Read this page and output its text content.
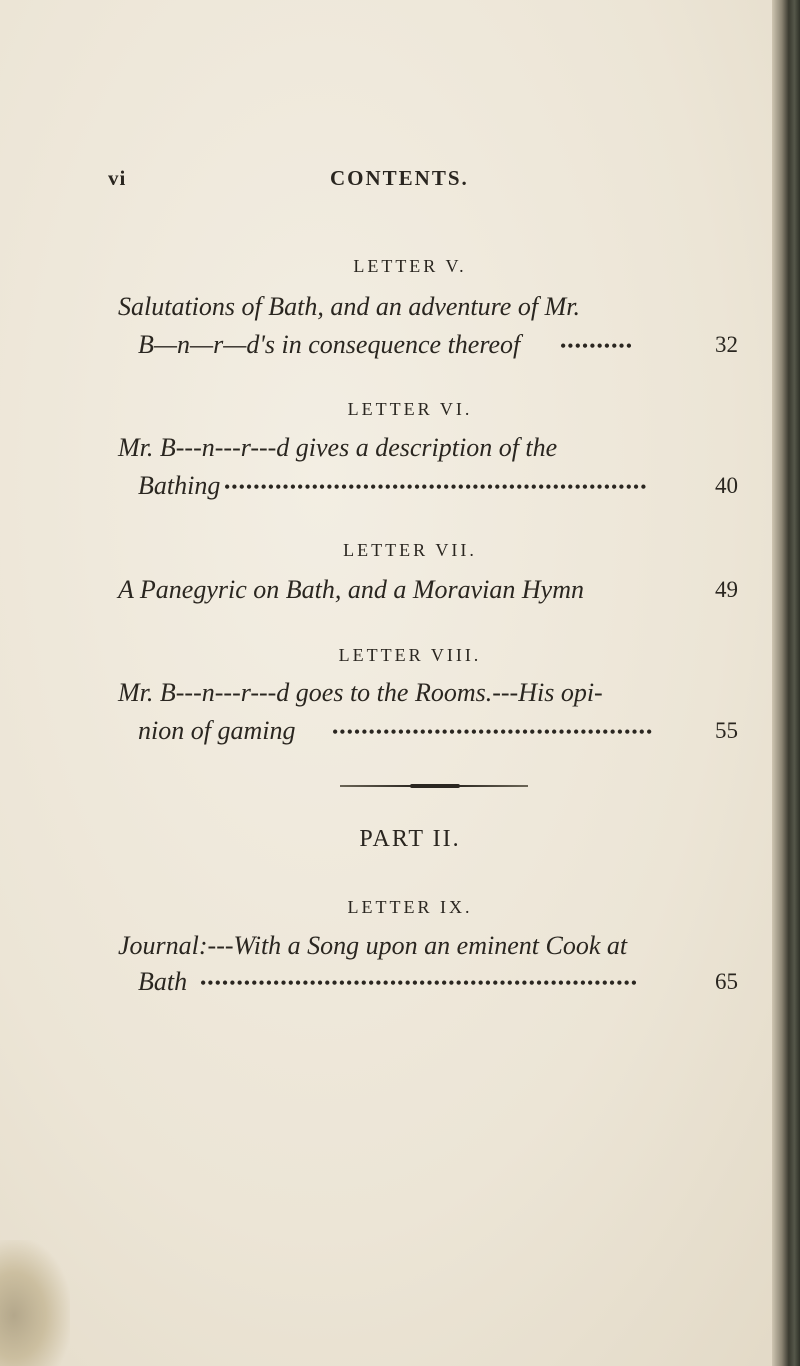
vi	CONTENTS.
LETTER V.
Salutations of Bath, and an adventure of Mr.
B—n—r—d's in consequence thereof ••••••••••	32
LETTER VI.
Mr. B---n---r---d gives a description of the
Bathing ••••••••••••••••••••••••••••••••••••••••••••••••••••••••••	40
LETTER VII.
A Panegyric on Bath, and a Moravian Hymn	49
LETTER VIII.
Mr. B---n---r---d goes to the Rooms.---His opi-
nion of gaming ••••••••••••••••••••••••••••••••••••••••••••	55
PART II.
LETTER IX.
Journal:---With a Song upon an eminent Cook at
Bath ••••••••••••••••••••••••••••••••••••••••••••••••••••••••••••	65
